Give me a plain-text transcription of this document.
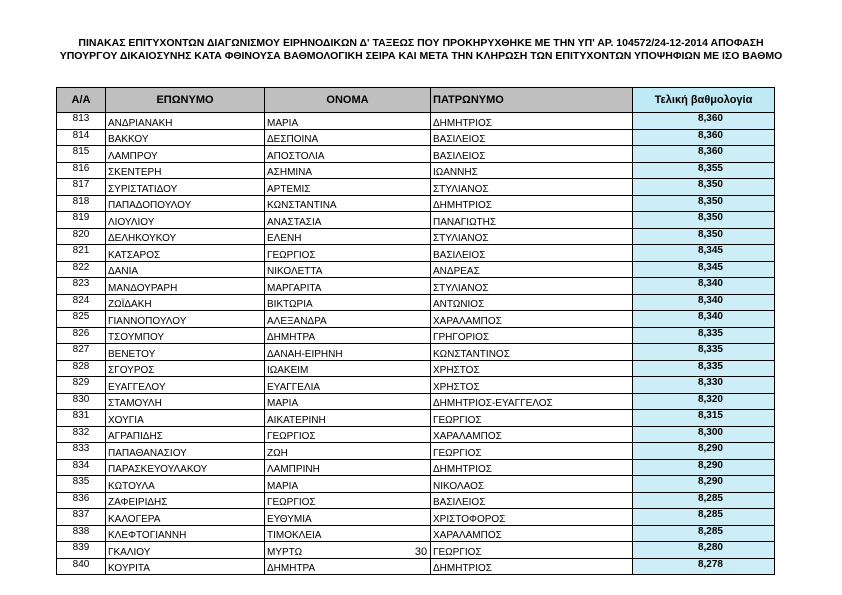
ΠΙΝΑΚΑΣ ΕΠΙΤΥΧΟΝΤΩΝ ΔΙΑΓΩΝΙΣΜΟΥ ΕΙΡΗΝΟΔΙΚΩΝ Δ' ΤΑΞΕΩΣ ΠΟΥ ΠΡΟΚΗΡΥΧΘΗΚΕ ΜΕ ΤΗΝ ΥΠ' ΑΡ. 104572/24-12-2014 ΑΠΟΦΑΣΗ
ΥΠΟΥΡΓΟΥ ΔΙΚΑΙΟΣΥΝΗΣ ΚΑΤΑ ΦΘΙΝΟΥΣΑ ΒΑΘΜΟΛΟΓΙΚΗ ΣΕΙΡΑ ΚΑΙ ΜΕΤΑ ΤΗΝ ΚΛΗΡΩΣΗ ΤΩΝ ΕΠΙΤΥΧΟΝΤΩΝ ΥΠΟΨΗΦΙΩΝ ΜΕ ΙΣΟ ΒΑΘΜΟ
Α/Α	ΕΠΩΝΥΜΟ	ΟΝΟΜΑ	ΠΑΤΡΩΝΥΜΟ	Τελική βαθμολογία
813	ΑΝΔΡΙΑΝΑΚΗ	ΜΑΡΙΑ	ΔΗΜΗΤΡΙΟΣ	8,360
814	ΒΑΚΚΟΥ	ΔΕΣΠΟΙΝΑ	ΒΑΣΙΛΕΙΟΣ	8,360
815	ΛΑΜΠΡΟΥ	ΑΠΟΣΤΟΛΙΑ	ΒΑΣΙΛΕΙΟΣ	8,360
816	ΣΚΕΝΤΕΡΗ	ΑΣΗΜΙΝΑ	ΙΩΑΝΝΗΣ	8,355
817	ΣΥΡΙΣΤΑΤΙΔΟΥ	ΑΡΤΕΜΙΣ	ΣΤΥΛΙΑΝΟΣ	8,350
818	ΠΑΠΑΔΟΠΟΥΛΟΥ	ΚΩΝΣΤΑΝΤΙΝΑ	ΔΗΜΗΤΡΙΟΣ	8,350
819	ΛΙΟΥΛΙΟΥ	ΑΝΑΣΤΑΣΙΑ	ΠΑΝΑΓΙΩΤΗΣ	8,350
820	ΔΕΛΗΚΟΥΚΟΥ	ΕΛΕΝΗ	ΣΤΥΛΙΑΝΟΣ	8,350
821	ΚΑΤΣΑΡΟΣ	ΓΕΩΡΓΙΟΣ	ΒΑΣΙΛΕΙΟΣ	8,345
822	ΔΑΝΙΑ	ΝΙΚΟΛΕΤΤΑ	ΑΝΔΡΕΑΣ	8,345
823	ΜΑΝΔΟΥΡΑΡΗ	ΜΑΡΓΑΡΙΤΑ	ΣΤΥΛΙΑΝΟΣ	8,340
824	ΖΩΪΔΑΚΗ	ΒΙΚΤΩΡΙΑ	ΑΝΤΩΝΙΟΣ	8,340
825	ΓΙΑΝΝΟΠΟΥΛΟΥ	ΑΛΕΞΑΝΔΡΑ	ΧΑΡΑΛΑΜΠΟΣ	8,340
826	ΤΣΟΥΜΠΟΥ	ΔΗΜΗΤΡΑ	ΓΡΗΓΟΡΙΟΣ	8,335
827	ΒΕΝΕΤΟΥ	ΔΑΝΑΗ-ΕΙΡΗΝΗ	ΚΩΝΣΤΑΝΤΙΝΟΣ	8,335
828	ΣΓΟΥΡΟΣ	ΙΩΑΚΕΙΜ	ΧΡΗΣΤΟΣ	8,335
829	ΕΥΑΓΓΕΛΟΥ	ΕΥΑΓΓΕΛΙΑ	ΧΡΗΣΤΟΣ	8,330
830	ΣΤΑΜΟΥΛΗ	ΜΑΡΙΑ	ΔΗΜΗΤΡΙΟΣ-ΕΥΑΓΓΕΛΟΣ	8,320
831	ΧΟΥΓΙΑ	ΑΙΚΑΤΕΡΙΝΗ	ΓΕΩΡΓΙΟΣ	8,315
832	ΑΓΡΑΠΙΔΗΣ	ΓΕΩΡΓΙΟΣ	ΧΑΡΑΛΑΜΠΟΣ	8,300
833	ΠΑΠΑΘΑΝΑΣΙΟΥ	ΖΩΗ	ΓΕΩΡΓΙΟΣ	8,290
834	ΠΑΡΑΣΚΕΥΟΥΛΑΚΟΥ	ΛΑΜΠΡΙΝΗ	ΔΗΜΗΤΡΙΟΣ	8,290
835	ΚΩΤΟΥΛΑ	ΜΑΡΙΑ	ΝΙΚΟΛΑΟΣ	8,290
836	ΖΑΦΕΙΡΙΔΗΣ	ΓΕΩΡΓΙΟΣ	ΒΑΣΙΛΕΙΟΣ	8,285
837	ΚΑΛΟΓΕΡΑ	ΕΥΘΥΜΙΑ	ΧΡΙΣΤΟΦΟΡΟΣ	8,285
838	ΚΛΕΦΤΟΓΙΑΝΝΗ	ΤΙΜΟΚΛΕΙΑ	ΧΑΡΑΛΑΜΠΟΣ	8,285
839	ΓΚΑΛΙΟΥ	ΜΥΡΤΩ	ΓΕΩΡΓΙΟΣ	8,280
840	ΚΟΥΡΙΤΑ	ΔΗΜΗΤΡΑ	ΔΗΜΗΤΡΙΟΣ	8,278
30
